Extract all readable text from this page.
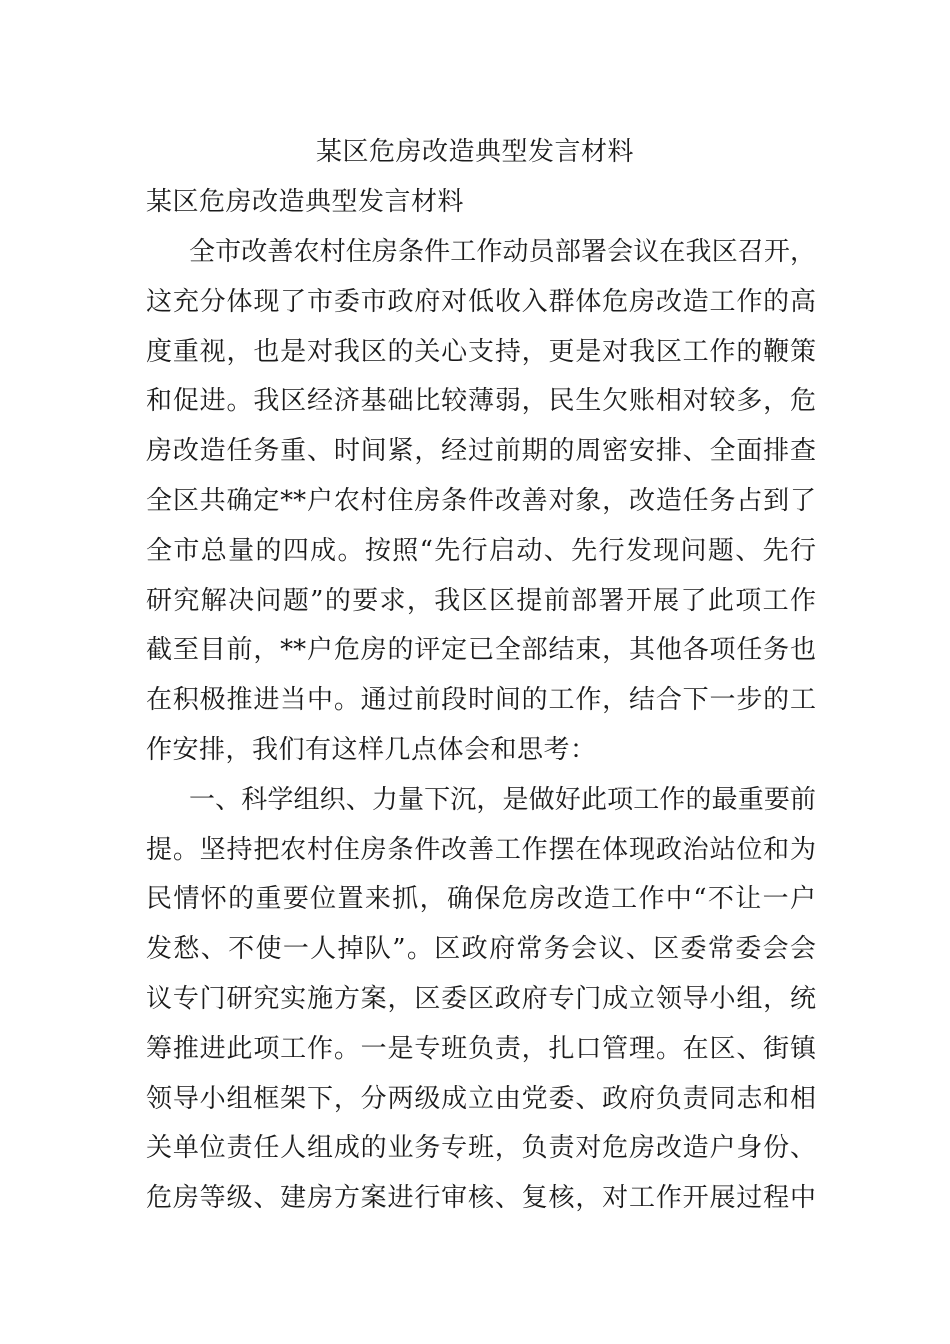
某区危房改造典型发言材料
某区危房改造典型发言材料
全市改善农村住房条件工作动员部署会议在我区召开，
这充分体现了市委市政府对低收入群体危房改造工作的高
度重视，也是对我区的关心支持，更是对我区工作的鞭策
和促进。我区经济基础比较薄弱，民生欠账相对较多，危
房改造任务重、时间紧，经过前期的周密安排、全面排查
全区共确定**户农村住房条件改善对象，改造任务占到了
全市总量的四成。按照“先行启动、先行发现问题、先行
研究解决问题”的要求，我区区提前部署开展了此项工作
截至目前，**户危房的评定已全部结束，其他各项任务也
在积极推进当中。通过前段时间的工作，结合下一步的工
作安排，我们有这样几点体会和思考：
一、科学组织、力量下沉，是做好此项工作的最重要前
提。坚持把农村住房条件改善工作摆在体现政治站位和为
民情怀的重要位置来抓，确保危房改造工作中“不让一户
发愁、不使一人掉队”。区政府常务会议、区委常委会会
议专门研究实施方案，区委区政府专门成立领导小组，统
筹推进此项工作。一是专班负责，扎口管理。在区、街镇
领导小组框架下，分两级成立由党委、政府负责同志和相
关单位责任人组成的业务专班，负责对危房改造户身份、
危房等级、建房方案进行审核、复核，对工作开展过程中
